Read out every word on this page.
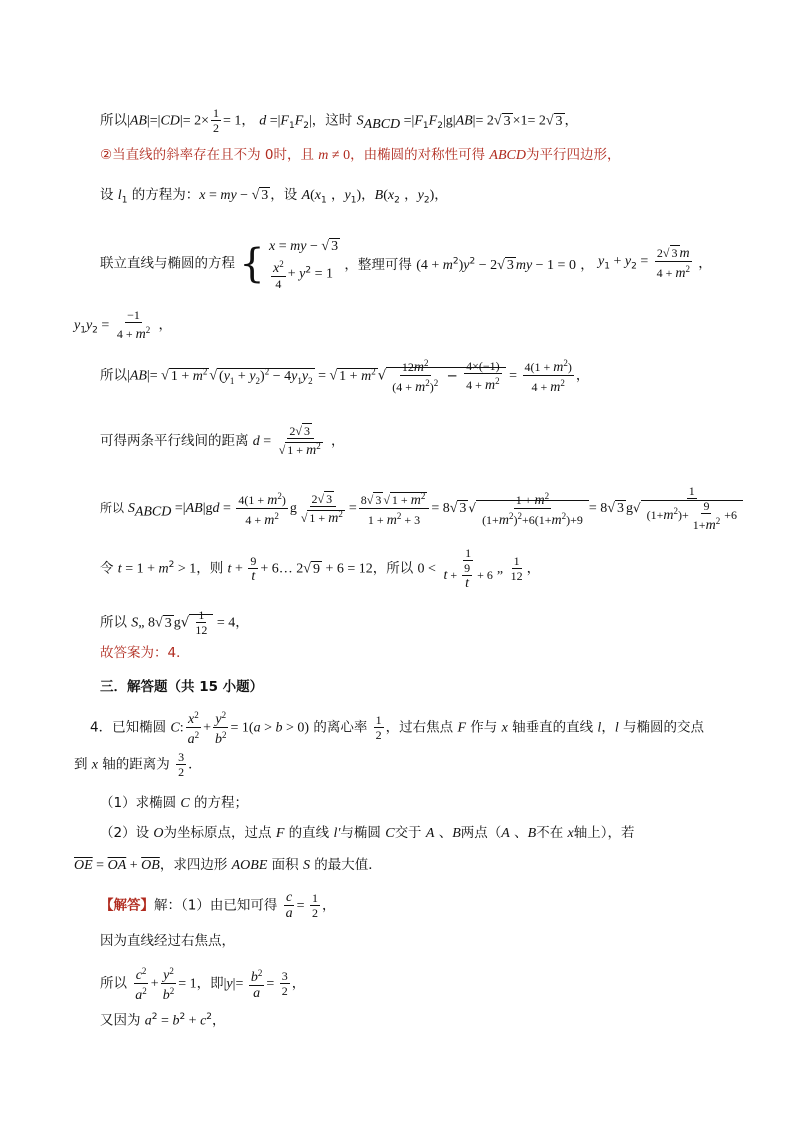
所以$|AB|=|CD|= 2\times \frac{1}{2} = 1$， $d =|F_1F_2|$，这时 $S_{ABCD} =|F_1F_2|g|AB|= 2√$ 3 ×1= 2√ 3 ，
②当直线的斜率存在且不为 0时，且 m ≠ 0，由椭圆的对称性可得 ABCD为平行四边形，
设 $l_1$ 的方程为：x = my − √ 3 ，设 $A(x_1$ ，$y_1$)，$B(x_2$ ，$y_2$)，
联立直线与椭圆的方程 { x = my − √ 3
$\frac{x^2}{4} + y^2 = 1$
，整理可得 $(4 + m^2)y^2 - 2√$ 3 my − 1 = 0 ， $y_1 + y_2 = \frac{2√ 3 m}{4 + m^2}$ ，
$y_1y_2 = \frac{-1}{4 + m^2}$ ，
所以|AB|= √ $1 + m^2$ √ $(y_1 + y_2)^2 - 4y_1y_2$ = √ $1 + m^2$ √ $\frac{12m^2}{(4 + m^2)^2} - \frac{4\times(-1)}{4 + m^2} = \frac{4(1 + m^2)}{4 + m^2}$ ，
可得两条平行线间的距离 $d = \frac{2√ 3}{√ 1 + m^2}$ ，
所以 $S_{ABCD} =|AB|gd = \frac{4(1 + m^2)}{4 + m^2}$ g $\frac{2√ 3}{√ 1 + m^2} = \frac{8√ 3 √ 1 + m^2}{1 + m^2 + 3} = 8√$ 3 √ $\frac{1 + m^2}{(1+m^2)^2+6(1+m^2)+9} = 8√$ 3 $g√ \frac{1}{(1+m^2)+ \frac{9}{1+m^2} +6}$
令 $t = 1 + m^2 > 1$，则 $t + \frac{9}{t}$ + 6… 2√ 9 + 6 = 12，所以 $0 < \frac{1}{t + \frac{9}{t} + 6}$ „ $\frac{1}{12}$ ，
所以 S„ 8√ 3 $g√ \frac{1}{12} = 4$，
故答案为：4．
三．解答题（共 15 小题）
4．已知椭圆 C: $\frac{x^2}{a^2} + \frac{y^2}{b^2} = 1(a > b > 0)$ 的离心率 $\frac{1}{2}$ ，过右焦点 F 作与 x 轴垂直的直线 l，l 与椭圆的交点
到 x 轴的距离为 $\frac{3}{2}$ ．
（1）求椭圆 C 的方程；
（2）设 O为坐标原点，过点 F 的直线 l′与椭圆 C交于 A 、B两点（A 、B不在 x轴上），若
$\overline{OE} = \overline{OA} + \overline{OB}$，求四边形 AOBE 面积 S 的最大值．
【解答】解：（1）由已知可得 $\frac{c}{a} = \frac{1}{2}$ ，
因为直线经过右焦点，
所以 $\frac{c^2}{a^2} + \frac{y^2}{b^2} = 1$，即$|y|= \frac{b^2}{a} = \frac{3}{2}$ ，
又因为 $a^2 = b^2 + c^2$，
